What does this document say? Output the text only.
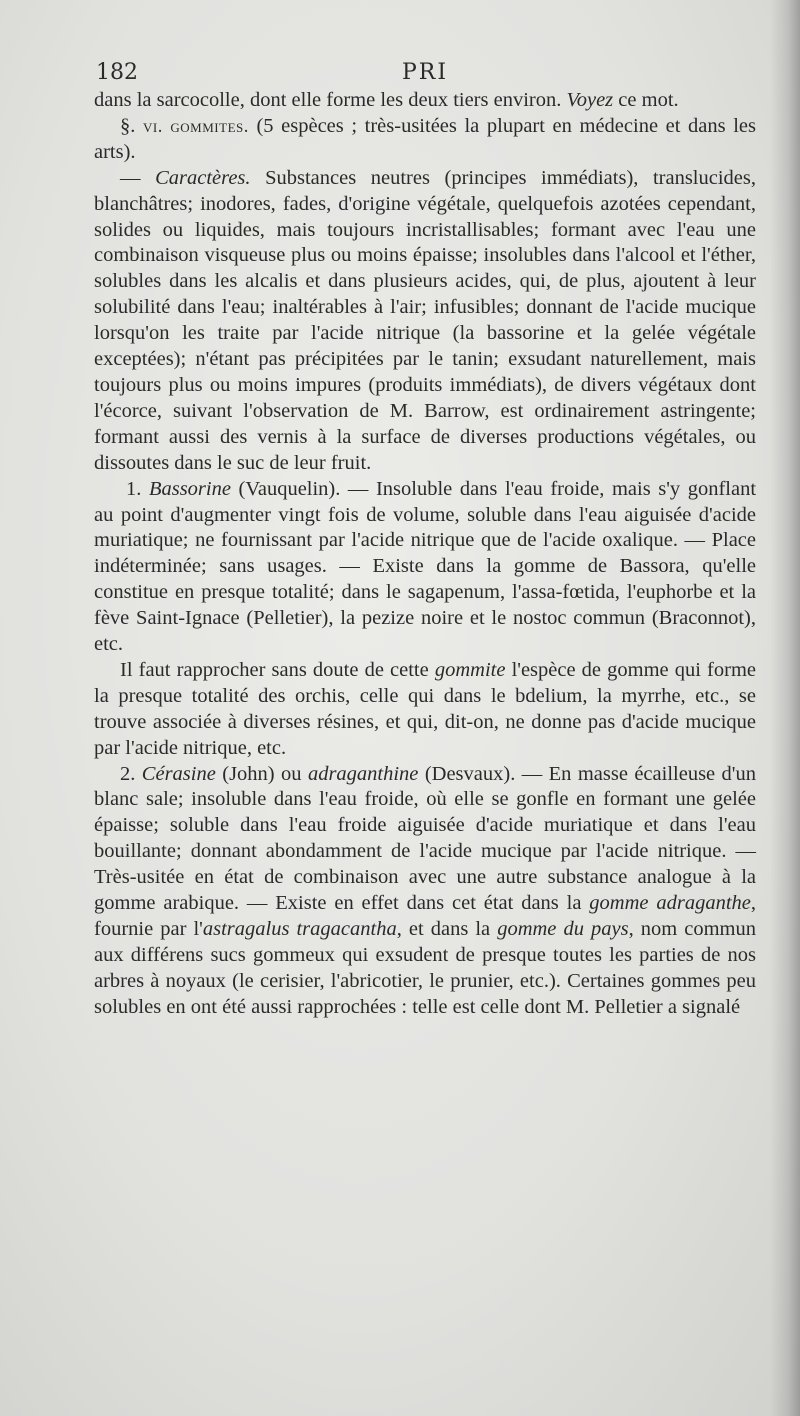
182	PRI

dans la sarcocolle, dont elle forme les deux tiers environ. Voyez ce mot.

§. vi. gommites. (5 espèces ; très-usitées la plupart en médecine et dans les arts).

— Caractères. Substances neutres (principes immédiats), translucides, blanchâtres; inodores, fades, d'origine végétale, quelquefois azotées cependant, solides ou liquides, mais toujours incristallisables; formant avec l'eau une combinaison visqueuse plus ou moins épaisse; insolubles dans l'alcool et l'éther, solubles dans les alcalis et dans plusieurs acides, qui, de plus, ajoutent à leur solubilité dans l'eau; inaltérables à l'air; infusibles; donnant de l'acide mucique lorsqu'on les traite par l'acide nitrique (la bassorine et la gelée végétale exceptées); n'étant pas précipitées par le tanin; exsudant naturellement, mais toujours plus ou moins impures (produits immédiats), de divers végétaux dont l'écorce, suivant l'observation de M. Barrow, est ordinairement astringente; formant aussi des vernis à la surface de diverses productions végétales, ou dissoutes dans le suc de leur fruit.

1. Bassorine (Vauquelin). — Insoluble dans l'eau froide, mais s'y gonflant au point d'augmenter vingt fois de volume, soluble dans l'eau aiguisée d'acide muriatique; ne fournissant par l'acide nitrique que de l'acide oxalique. — Place indéterminée; sans usages. — Existe dans la gomme de Bassora, qu'elle constitue en presque totalité; dans le sagapenum, l'assa-fœtida, l'euphorbe et la fève Saint-Ignace (Pelletier), la pezize noire et le nostoc commun (Braconnot), etc.

Il faut rapprocher sans doute de cette gommite l'espèce de gomme qui forme la presque totalité des orchis, celle qui dans le bdelium, la myrrhe, etc., se trouve associée à diverses résines, et qui, dit-on, ne donne pas d'acide mucique par l'acide nitrique, etc.

2. Cérasine (John) ou adraganthine (Desvaux). — En masse écailleuse d'un blanc sale; insoluble dans l'eau froide, où elle se gonfle en formant une gelée épaisse; soluble dans l'eau froide aiguisée d'acide muriatique et dans l'eau bouillante; donnant abondamment de l'acide mucique par l'acide nitrique. — Très-usitée en état de combinaison avec une autre substance analogue à la gomme arabique. — Existe en effet dans cet état dans la gomme adraganthe, fournie par l'astragalus tragacantha, et dans la gomme du pays, nom commun aux différens sucs gommeux qui exsudent de presque toutes les parties de nos arbres à noyaux (le cerisier, l'abricotier, le prunier, etc.). Certaines gommes peu solubles en ont été aussi rapprochées : telle est celle dont M. Pelletier a signalé
